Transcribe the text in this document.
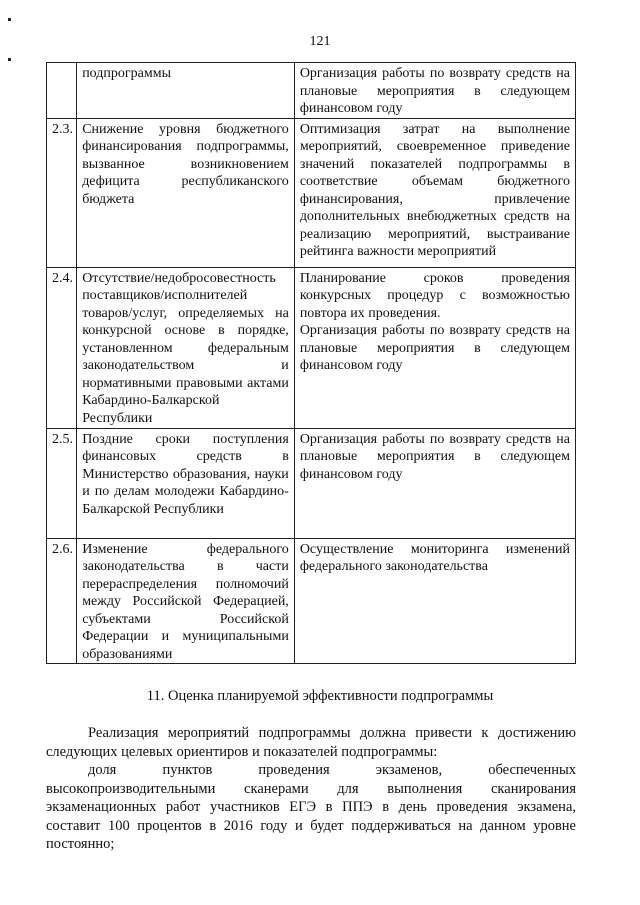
121

	подпрограммы	Организация работы по возврату средств на плановые мероприятия в следующем финансовом году

2.3.	Снижение уровня бюджетного финансирования подпрограммы, вызванное возникновением дефицита республиканского бюджета	Оптимизация затрат на выполнение мероприятий, своевременное приведение значений показателей подпрограммы в соответствие объемам бюджетного финансирования, привлечение дополнительных внебюджетных средств на реализацию мероприятий, выстраивание рейтинга важности мероприятий

2.4.	Отсутствие/недобросовестность поставщиков/исполнителей товаров/услуг, определяемых на конкурсной основе в порядке, установленном федеральным законодательством и нормативными правовыми актами Кабардино-Балкарской Республики	Планирование сроков проведения конкурсных процедур с возможностью повтора их проведения.

Организация работы по возврату средств на плановые мероприятия в следующем финансовом году

2.5.	Поздние сроки поступления финансовых средств в Министерство образования, науки и по делам молодежи Кабардино-Балкарской Республики	Организация работы по возврату средств на плановые мероприятия в следующем финансовом году

2.6.	Изменение федерального законодательства в части перераспределения полномочий между Российской Федерацией, субъектами Российской Федерации и муниципальными образованиями	Осуществление мониторинга изменений федерального законодательства

11. Оценка планируемой эффективности подпрограммы

Реализация мероприятий подпрограммы должна привести к достижению следующих целевых ориентиров и показателей подпрограммы:

доля пунктов проведения экзаменов, обеспеченных высокопроизводительными сканерами для выполнения сканирования экзаменационных работ участников ЕГЭ в ППЭ в день проведения экзамена, составит 100 процентов в 2016 году и будет поддерживаться на данном уровне постоянно;
